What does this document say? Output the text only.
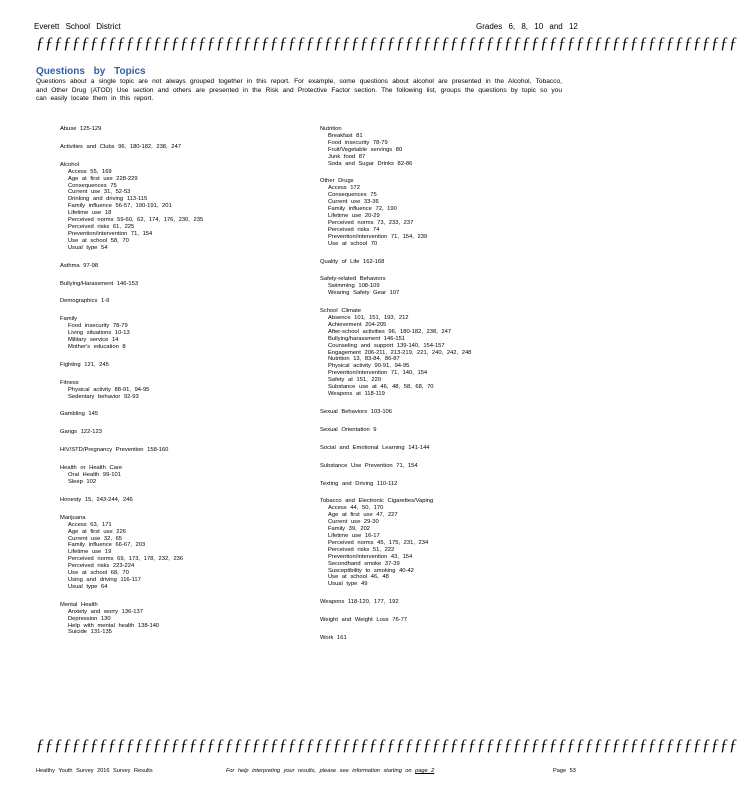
Everett School District	Grades 6, 8, 10 and 12
ƒƒƒƒƒƒƒƒƒƒƒƒƒƒƒƒƒƒƒƒƒƒƒƒƒƒƒƒƒƒƒƒƒƒƒƒƒƒƒƒƒƒƒƒƒƒƒƒƒƒƒƒƒƒƒƒƒƒƒƒƒƒƒƒƒƒƒƒƒƒƒƒƒƒƒƒƒƒ
Questions by Topics
Questions about a single topic are not always grouped together in this report. For example, some questions about alcohol are presented in the Alcohol, Tobacco, and Other Drug (ATOD) Use section and others are presented in the Risk and Protective Factor section. The following list, groups the questions by topic so you can easily locate them in this report.
Abuse 125-129
Activities and Clubs 96, 180-182, 238, 247
Alcohol
Access 55, 169
Age at first use 228-229
Consequences 75
Current use 31, 52-53
Drinking and driving 113-115
Family influence 56-57, 190-191, 201
Lifetime use 18
Perceived norms 59-60, 62, 174, 176, 230, 235
Perceived risks 61, 225
Prevention/intervention 71, 154
Use at school 58, 70
Usual type 54
Asthma 97-98
Bullying/Harassment 146-153
Demographics 1-9
Family
Food insecurity 78-79
Living situations 10-13
Military service 14
Mother's education 8
Fighting 121, 245
Fitness
Physical activity 88-91, 94-95
Sedentary behavior 92-93
Gambling 145
Gangs 122-123
HIV/STD/Pregnancy Prevention 158-160
Health or Health Care
Oral Health 99-101
Sleep 102
Honesty 15, 243-244, 246
Marijuana
Access 63, 171
Age at first use 226
Current use 32, 65
Family influence 66-67, 203
Lifetime use 19
Perceived norms 69, 173, 178, 232, 236
Perceived risks 223-224
Use at school 68, 70
Using and driving 116-117
Usual type 64
Mental Health
Anxiety and worry 136-137
Depression 130
Help with mental health 138-140
Suicide 131-135
Nutrition
Breakfast 81
Food insecurity 78-79
Fruit/Vegetable servings 80
Junk food 87
Soda and Sugar Drinks 82-86
Other Drugs
Access 172
Consequences 75
Current use 33-36
Family influence 72, 190
Lifetime use 20-29
Perceived norms 73, 233, 237
Perceived risks 74
Prevention/intervention 71, 154, 239
Use at school 70
Quality of Life 162-168
Safety-related Behaviors
Swimming 108-109
Wearing Safety Gear 107
School Climate
Absence 101, 151, 193, 212
Achievement 204-205
After-school activities 96, 180-182, 238, 247
Bullying/harassment 146-151
Counseling and support 139-140, 154-157
Engagement 206-211, 213-219, 221, 240, 242, 248
Nutrition 13, 83-84, 86-87
Physical activity 90-91, 94-95
Prevention/intervention 71, 140, 154
Safety at 151, 220
Substance use at 46, 48, 58, 68, 70
Weapons at 118-119
Sexual Behaviors 103-106
Sexual Orientation 9
Social and Emotional Learning 141-144
Substance Use Prevention 71, 154
Texting and Driving 110-112
Tobacco and Electronic Cigarettes/Vaping
Access 44, 50, 170
Age at first use 47, 227
Current use 29-30
Family 39, 202
Lifetime use 16-17
Perceived norms 45, 175, 231, 234
Perceived risks 51, 222
Prevention/intervention 43, 154
Secondhand smoke 37-39
Susceptibility to smoking 40-42
Use at school 46, 48
Usual type 49
Weapons 118-120, 177, 192
Weight and Weight Loss 76-77
Work 161
ƒƒƒƒƒƒƒƒƒƒƒƒƒƒƒƒƒƒƒƒƒƒƒƒƒƒƒƒƒƒƒƒƒƒƒƒƒƒƒƒƒƒƒƒƒƒƒƒƒƒƒƒƒƒƒƒƒƒƒƒƒƒƒƒƒƒƒƒƒƒƒƒƒƒƒƒƒƒ
Healthy Youth Survey 2016 Survey Results	For help interpreting your results, please see information starting on page 2	Page 53
